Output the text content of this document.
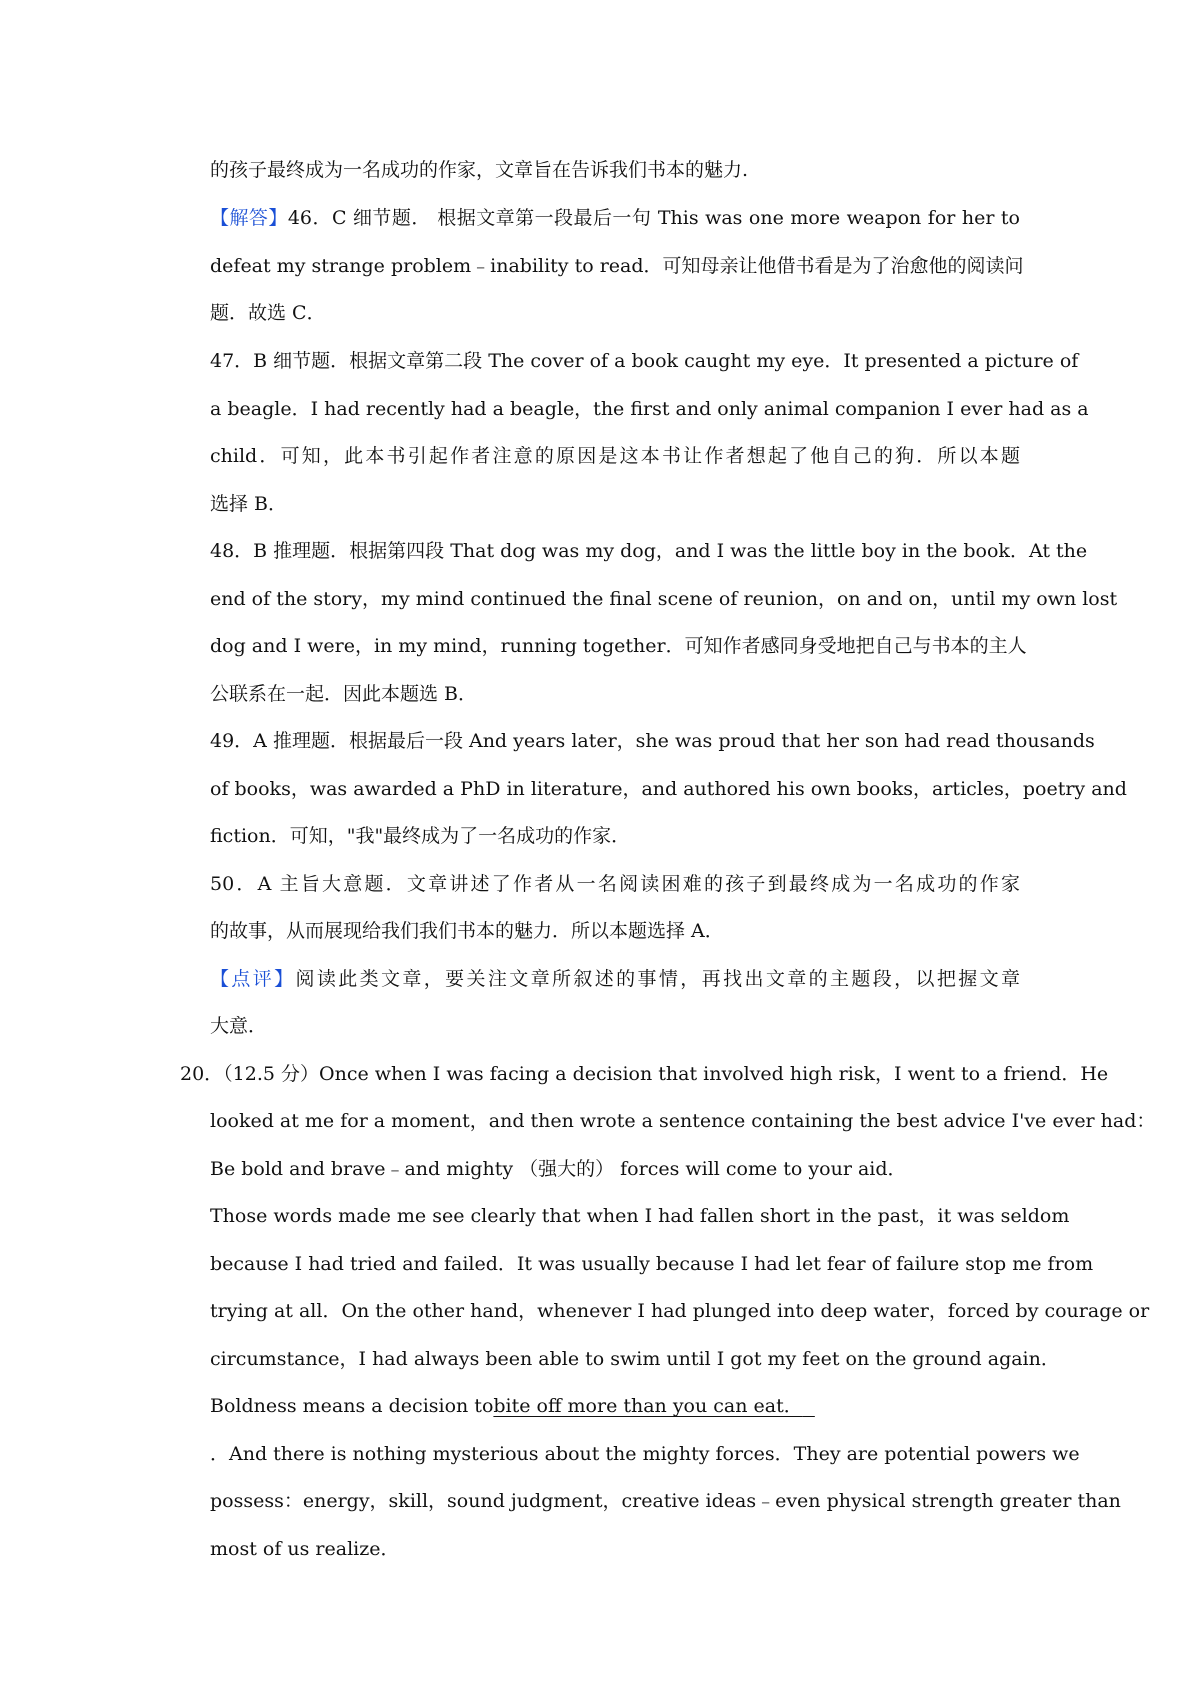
的孩子最终成为一名成功的作家，文章旨在告诉我们书本的魅力.
【解答】46．C 细节题． 根据文章第一段最后一句 This was one more weapon for her to
defeat my strange problem﹣inability to read．可知母亲让他借书看是为了治愈他的阅读问
题．故选 C．
47．B 细节题．根据文章第二段 The cover of a book caught my eye．It presented a picture of
a beagle．I had recently had a beagle，the first and only animal companion I ever had as a
child．可知，此本书引起作者注意的原因是这本书让作者想起了他自己的狗．所以本题
选择 B．
48．B 推理题．根据第四段 That dog was my dog，and I was the little boy in the book．At the
end of the story，my mind continued the final scene of reunion，on and on，until my own lost
dog and I were，in my mind，running together．可知作者感同身受地把自己与书本的主人
公联系在一起．因此本题选 B．
49．A 推理题．根据最后一段 And years later，she was proud that her son had read thousands
of books，was awarded a PhD in literature，and authored his own books，articles，poetry and
fiction．可知，"我"最终成为了一名成功的作家．
50．A 主旨大意题．文章讲述了作者从一名阅读困难的孩子到最终成为一名成功的作家
的故事，从而展现给我们我们书本的魅力．所以本题选择 A．
【点评】阅读此类文章，要关注文章所叙述的事情，再找出文章的主题段，以把握文章
大意．
20．（12.5 分）Once when I was facing a decision that involved high risk，I went to a friend．He
looked at me for a moment，and then wrote a sentence containing the best advice I've ever had：
Be bold and brave﹣and mighty （强大的） forces will come to your aid．
Those words made me see clearly that when I had fallen short in the past，it was seldom
because I had tried and failed．It was usually because I had let fear of failure stop me from
trying at all．On the other hand，whenever I had plunged into deep water，forced by courage or
circumstance，I had always been able to swim until I got my feet on the ground again．
Boldness means a decision tobite off more than you can eat．
．And there is nothing mysterious about the mighty forces．They are potential powers we
possess：energy，skill，sound judgment，creative ideas﹣even physical strength greater than
most of us realize．
